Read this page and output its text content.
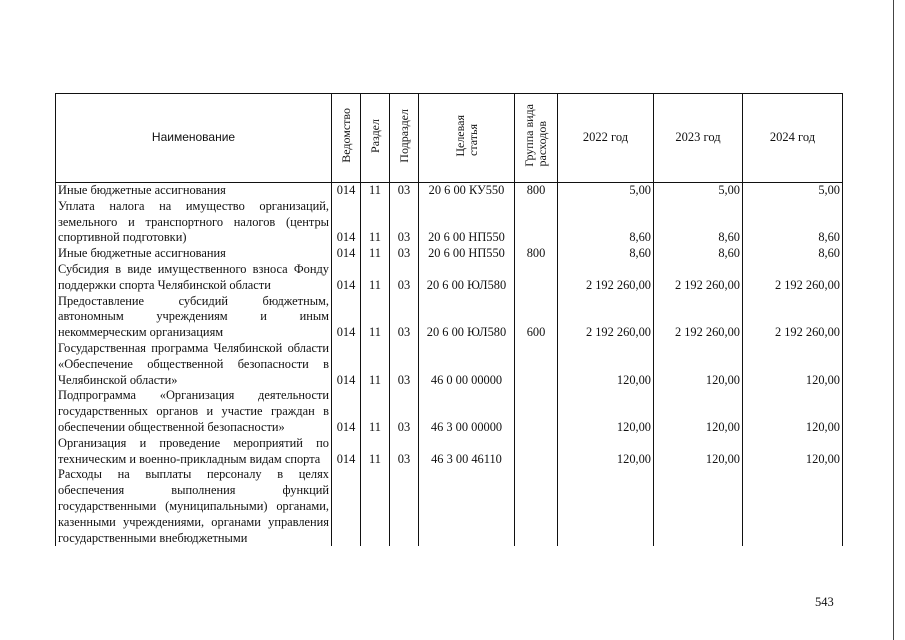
Наименование	Ведомство	Раздел	Подраздел	Целеваястатья	Группа видарасходов	2022 год	2023 год	2024 год
Иные бюджетные ассигнования	014	11	03	20 6 00 КУ550	800	5,00	5,00	5,00
Уплата налога на имущество организаций, земельного и транспортного налогов (центры спортивной подготовки)	014	11	03	20 6 00 НП550		8,60	8,60	8,60
Иные бюджетные ассигнования	014	11	03	20 6 00 НП550	800	8,60	8,60	8,60
Субсидия в виде имущественного взноса Фонду поддержки спорта Челябинской области	014	11	03	20 6 00 ЮЛ580		2 192 260,00	2 192 260,00	2 192 260,00
Предоставление субсидий бюджетным, автономным учреждениям и иным некоммерческим организациям	014	11	03	20 6 00 ЮЛ580	600	2 192 260,00	2 192 260,00	2 192 260,00
Государственная программа Челябинской области «Обеспечение общественной безопасности в Челябинской области»	014	11	03	46 0 00 00000		120,00	120,00	120,00
Подпрограмма «Организация деятельности государственных органов и участие граждан в обеспечении общественной безопасности»	014	11	03	46 3 00 00000		120,00	120,00	120,00
Организация и проведение мероприятий по техническим и военно-прикладным видам спорта	014	11	03	46 3 00 46110		120,00	120,00	120,00
Расходы на выплаты персоналу в целях обеспечения выполнения функций государственными (муниципальными) органами, казенными учреждениями, органами управления государственными внебюджетными								
543
